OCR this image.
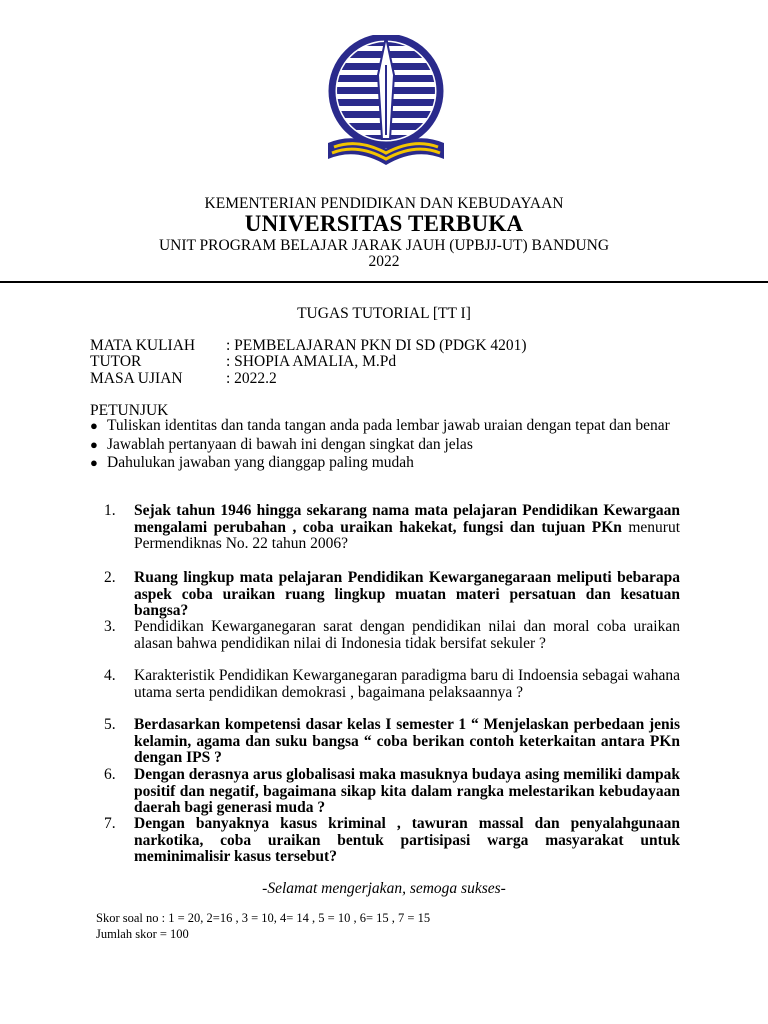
KEMENTERIAN PENDIDIKAN DAN KEBUDAYAAN
UNIVERSITAS TERBUKA
UNIT PROGRAM BELAJAR JARAK JAUH (UPBJJ-UT) BANDUNG
2022
TUGAS TUTORIAL [TT I]
MATA KULIAH : PEMBELAJARAN PKN DI SD (PDGK 4201)
TUTOR	: SHOPIA AMALIA, M.Pd
MASA UJIAN	: 2022.2
PETUNJUK
● Tuliskan identitas dan tanda tangan anda pada lembar jawab uraian dengan tepat dan benar
● Jawablah pertanyaan di bawah ini dengan singkat dan jelas
● Dahulukan jawaban yang dianggap paling mudah
1. Sejak tahun 1946 hingga sekarang nama mata pelajaran Pendidikan Kewargaan mengalami perubahan , coba uraikan hakekat, fungsi dan tujuan PKn menurut Permendiknas No. 22 tahun 2006?
2. Ruang lingkup mata pelajaran Pendidikan Kewarganegaraan meliputi bebarapa aspek coba uraikan ruang lingkup muatan materi persatuan dan kesatuan bangsa?
3. Pendidikan Kewarganegaran sarat dengan pendidikan nilai dan moral coba uraikan alasan bahwa pendidikan nilai di Indonesia tidak bersifat sekuler ?
4. Karakteristik Pendidikan Kewarganegaran paradigma baru di Indoensia sebagai wahana utama serta pendidikan demokrasi , bagaimana pelaksaannya ?
5. Berdasarkan kompetensi dasar kelas I semester 1 “ Menjelaskan perbedaan jenis kelamin, agama dan suku bangsa “ coba berikan contoh keterkaitan antara PKn dengan IPS ?
6. Dengan derasnya arus globalisasi maka masuknya budaya asing memiliki dampak positif dan negatif, bagaimana sikap kita dalam rangka melestarikan kebudayaan daerah bagi generasi muda ?
7. Dengan banyaknya kasus kriminal , tawuran massal dan penyalahgunaan narkotika, coba uraikan bentuk partisipasi warga masyarakat untuk meminimalisir kasus tersebut?
-Selamat mengerjakan, semoga sukses-
Skor soal no : 1 = 20, 2=16 , 3 = 10, 4= 14 , 5 = 10 , 6= 15 , 7 = 15
Jumlah skor = 100
